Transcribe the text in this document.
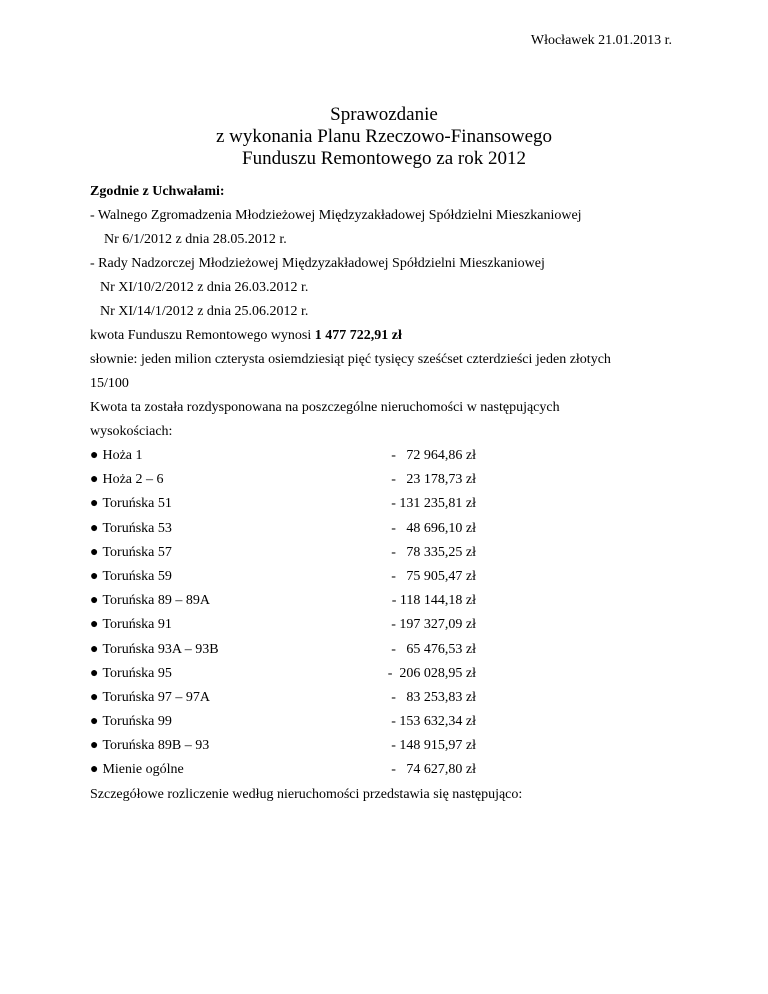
Włocławek 21.01.2013 r.
Sprawozdanie
z wykonania Planu Rzeczowo-Finansowego
Funduszu Remontowego za rok 2012

Zgodnie z Uchwałami:

- Walnego Zgromadzenia Młodzieżowej Międzyzakładowej Spółdzielni Mieszkaniowej

Nr 6/1/2012 z dnia 28.05.2012 r.

- Rady Nadzorczej Młodzieżowej Międzyzakładowej Spółdzielni Mieszkaniowej

Nr XI/10/2/2012 z dnia 26.03.2012 r.

Nr XI/14/1/2012 z dnia 25.06.2012 r.

kwota Funduszu Remontowego wynosi 1 477 722,91 zł

słownie: jeden milion czterysta osiemdziesiąt pięć tysięcy sześćset czterdzieści jeden złotych

15/100

Kwota ta została rozdysponowana na poszczególne nieruchomości w następujących

wysokościach:

● Hoża 1	-   72 964,86 zł
● Hoża 2 – 6	-   23 178,73 zł
● Toruńska 51	- 131 235,81 zł
● Toruńska 53	-   48 696,10 zł
● Toruńska 57	-   78 335,25 zł
● Toruńska 59	-   75 905,47 zł
● Toruńska 89 – 89A	- 118 144,18 zł
● Toruńska 91	- 197 327,09 zł
● Toruńska 93A – 93B	-   65 476,53 zł
● Toruńska 95	-  206 028,95 zł
● Toruńska 97 – 97A	-   83 253,83 zł
● Toruńska 99	- 153 632,34 zł
● Toruńska 89B – 93	- 148 915,97 zł
● Mienie ogólne	-   74 627,80 zł

Szczegółowe rozliczenie według nieruchomości przedstawia się następująco:
